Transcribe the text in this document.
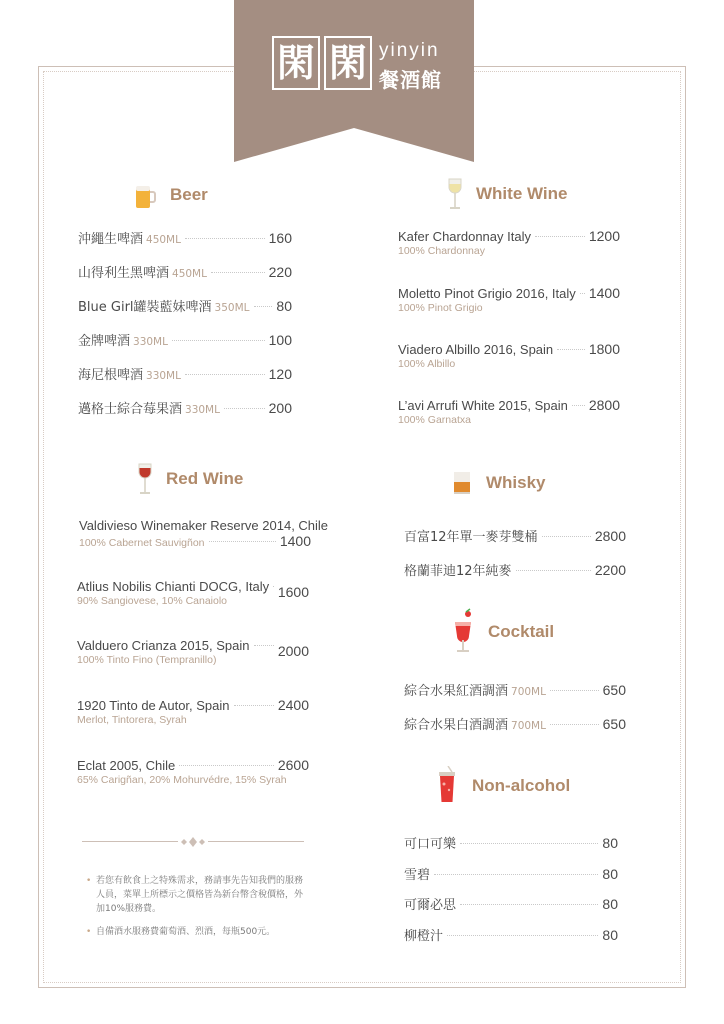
閑 閑 yinyin
餐酒館
Beer
沖繩生啤酒 450ML	160
山得利生黑啤酒 450ML	220
Blue Girl罐裝藍妹啤酒 350ML 80
金牌啤酒 330ML	100
海尼根啤酒 330ML	120
邁格士綜合莓果酒 330ML	200
White Wine
Kafer Chardonnay Italy	1200
100% Chardonnay
Moletto Pinot Grigio 2016, Italy 1400
100% Pinot Grigio
Viadero Albillo 2016, Spain	1800
100% Albillo
L’avi Arrufi White 2015, Spain 2800
100% Garnatxa
Red Wine
Valdivieso Winemaker Reserve 2014, Chile
100% Cabernet Sauvigñon	1400
Atlius Nobilis Chianti DOCG, Italy 1600
90% Sangiovese, 10% Canaiolo
Valduero Crianza 2015, Spain 2000
100% Tinto Fino (Tempranillo)
1920 Tinto de Autor, Spain	2400
Merlot, Tintorera, Syrah
Eclat 2005, Chile	2600
65% Carigñan, 20% Mohurvédre, 15% Syrah
Whisky
百富12年單一麥芽雙桶	2800
格蘭菲迪12年純麥	2200
Cocktail
綜合水果紅酒調酒 700ML	650
綜合水果白酒調酒 700ML	650
Non-alcohol
可口可樂	80
雪碧	80
可爾必思	80
柳橙汁	80
• 若您有飲食上之特殊需求，務請事先告知我們的服務人員，菜單上所標示之價格皆為新台幣含稅價格，外加10%服務費。
• 自備酒水服務費葡萄酒、烈酒，每瓶500元。
